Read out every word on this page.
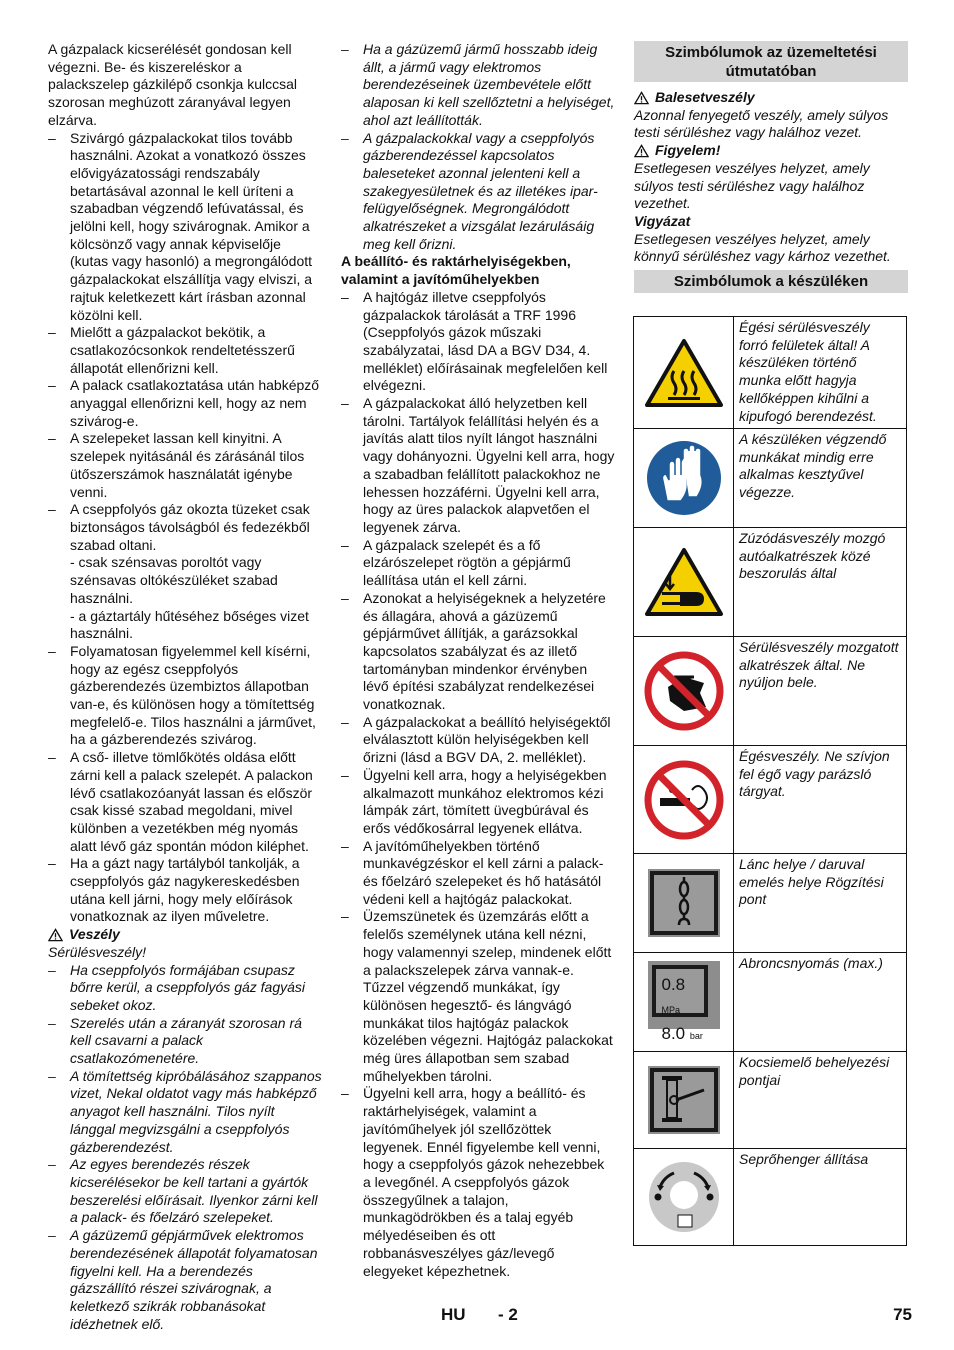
A gázpalack kicserélését gondosan kell végezni. Be- és kiszereléskor a palackszelep gázkilépő csonkja kulccsal szorosan meghúzott záranyával legyen elzárva.
– Szivárgó gázpalackokat tilos tovább használni. Azokat a vonatkozó összes elővigyázatossági rendszabály betartásával azonnal le kell üríteni a szabadban végzendő lefúvatással, és jelölni kell, hogy szivárognak. Amikor a kölcsönző vagy annak képviselője (kutas vagy hasonló) a megrongálódott gázpalackokat elszállítja vagy elviszi, a rajtuk keletkezett kárt írásban azonnal közölni kell.
– Mielőtt a gázpalackot bekötik, a csatlakozócsonkok rendeltetésszerű állapotát ellenőrizni kell.
– A palack csatlakoztatása után habképző anyaggal ellenőrizni kell, hogy az nem szivárog-e.
– A szelepeket lassan kell kinyitni. A szelepek nyitásánál és zárásánál tilos ütőszerszámok használatát igénybe venni.
– A cseppfolyós gáz okozta tüzeket csak biztonságos távolságból és fedezékből szabad oltani.
- csak szénsavas poroltót vagy szénsavas oltókészüléket szabad használni.
- a gáztartály hűtéséhez bőséges vizet használni.
– Folyamatosan figyelemmel kell kísérni, hogy az egész cseppfolyós gázberendezés üzembiztos állapotban van-e, és különösen hogy a tömítettség megfelelő-e. Tilos használni a járművet, ha a gázberendezés szivárog.
– A cső- illetve tömlőkötés oldása előtt zárni kell a palack szelepét. A palackon lévő csatlakozóanyát lassan és először csak kissé szabad megoldani, mivel különben a vezetékben még nyomás alatt lévő gáz spontán módon kiléphet.
– Ha a gázt nagy tartályból tankolják, a cseppfolyós gáz nagykereskedésben utána kell járni, hogy mely előírások vonatkoznak az ilyen műveletre.
Veszély
Sérülésveszély!
– Ha cseppfolyós formájában csupasz bőrre kerül, a cseppfolyós gáz fagyási sebeket okoz.
– Szerelés után a záranyát szorosan rá kell csavarni a palack csatlakozómenetére.
– A tömítettség kipróbálásához szappanos vizet, Nekal oldatot vagy más habképző anyagot kell használni. Tilos nyílt lánggal megvizsgálni a cseppfolyós gázberendezést.
– Az egyes berendezés részek kicserélésekor be kell tartani a gyártók beszerelési előírásait. Ilyenkor zárni kell a palack- és főelzáró szelepeket.
– A gázüzemű gépjárművek elektromos berendezésének állapotát folyamatosan figyelni kell. Ha a berendezés gázszállító részei szivárognak, a keletkező szikrák robbanásokat idézhetnek elő.
– Ha a gázüzemű jármű hosszabb ideig állt, a jármű vagy elektromos berendezéseinek üzembevétele előtt alaposan ki kell szellőztetni a helyiséget, ahol azt leállították.
– A gázpalackokkal vagy a cseppfolyós gázberendezéssel kapcsolatos baleseteket azonnal jelenteni kell a szakegyesületnek és az illetékes ipar-felügyelőségnek. Megrongálódott alkatrészeket a vizsgálat lezárulásáig meg kell őrizni.
A beállító- és raktárhelyiségekben, valamint a javítóműhelyekben
– A hajtógáz illetve cseppfolyós gázpalackok tárolását a TRF 1996 (Cseppfolyós gázok műszaki szabályzatai, lásd DA a BGV D34, 4. melléklet) előírásainak megfelelően kell elvégezni.
– A gázpalackokat álló helyzetben kell tárolni. Tartályok felállítási helyén és a javítás alatt tilos nyílt lángot használni vagy dohányozni. Ügyelni kell arra, hogy a szabadban felállított palackokhoz ne lehessen hozzáférni. Ügyelni kell arra, hogy az üres palackok alapvetően el legyenek zárva.
– A gázpalack szelepét és a fő elzárószelepet rögtön a gépjármű leállítása után el kell zárni.
– Azonokat a helyiségeknek a helyzetére és állagára, ahová a gázüzemű gépjárművet állítják, a garázsokkal kapcsolatos szabályzat és az illető tartományban mindenkor érvényben lévő építési szabályzat rendelkezései vonatkoznak.
– A gázpalackokat a beállító helyiségektől elválasztott külön helyiségekben kell őrizni (lásd a BGV DA, 2. melléklet).
– Ügyelni kell arra, hogy a helyiségekben alkalmazott munkához elektromos kézi lámpák zárt, tömített üvegbúrával és erős védőkosárral legyenek ellátva.
– A javítóműhelyekben történő munkavégzéskor el kell zárni a palack- és főelzáró szelepeket és hő hatásától védeni kell a hajtógáz palackokat.
– Üzemszünetek és üzemzárás előtt a felelős személynek utána kell nézni, hogy valamennyi szelep, mindenek előtt a palackszelepek zárva vannak-e. Tűzzel végzendő munkákat, így különösen hegesztő- és lángvágó munkákat tilos hajtógáz palackok közelében végezni. Hajtógáz palackokat még üres állapotban sem szabad műhelyekben tárolni.
– Ügyelni kell arra, hogy a beállító- és raktárhelyiségek, valamint a javítóműhelyek jól szellőzöttek legyenek. Ennél figyelembe kell venni, hogy a cseppfolyós gázok nehezebbek a levegőnél. A cseppfolyós gázok összegyűlnek a talajon, munkagödrökben és a talaj egyéb mélyedéseiben és ott robbanásveszélyes gáz/levegő elegyeket képezhetnek.
Szimbólumok az üzemeltetési útmutatóban
Balesetveszély
Azonnal fenyegető veszély, amely súlyos testi sérüléshez vagy halálhoz vezet.
Figyelem!
Esetlegesen veszélyes helyzet, amely súlyos testi sérüléshez vagy halálhoz vezethet.
Vigyázat
Esetlegesen veszélyes helyzet, amely könnyű sérüléshez vagy kárhoz vezethet.
Szimbólumok a készüléken
	Égési sérülésveszély forró felületek által! A készüléken történő munka előtt hagyja kellőképpen kihűlni a kipufogó berendezést.

	A készüléken végzendő munkákat mindig erre alkalmas kesztyűvel végezze.

	Zúzódásveszély mozgó autóalkatrészek közé beszorulás által

	Sérülésveszély mozgatott alkatrészek által. Ne nyúljon bele.

	Égésveszély. Ne szívjon fel égő vagy parázsló tárgyat.

	Lánc helye / daruval emelés helye Rögzítési pont

0.8 MPa
8.0 bar	Abroncsnyomás (max.)

	Kocsiemelő behelyezési pontjai

	Seprőhenger állítása
HU - 2	75
